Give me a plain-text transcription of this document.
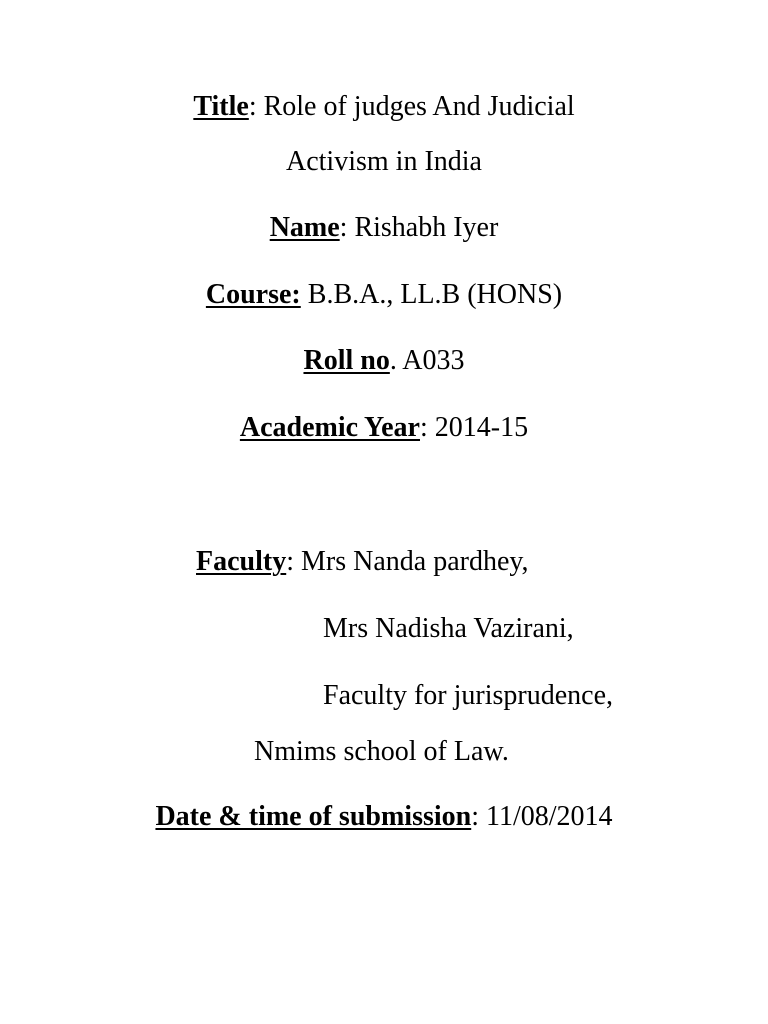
Title: Role of judges And Judicial
Activism in India
Name: Rishabh Iyer
Course: B.B.A., LL.B (HONS)
Roll no. A033
Academic Year: 2014-15
Faculty: Mrs Nanda pardhey,
Mrs Nadisha Vazirani,
Faculty for jurisprudence,
Nmims school of Law.
Date & time of submission: 11/08/2014
